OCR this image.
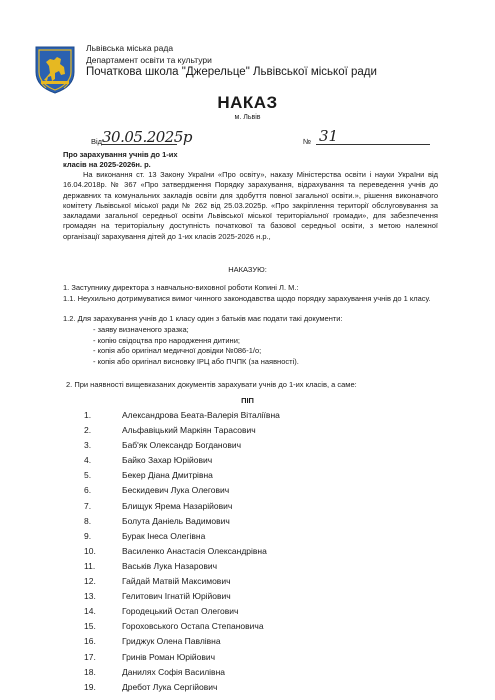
Львівська міська рада
Департамент освіти та культури
Початкова школа "Джерельце" Львівської міської ради
НАКАЗ
м. Львів
Від 30.05.2025р	№ 31
Про зарахування учнів до 1-их
класів на 2025-2026н. р.
На виконання ст. 13 Закону України «Про освіту», наказу Міністерства освіти і науки України від 16.04.2018р. № 367 «Про затвердження Порядку зарахування, відрахування та переведення учнів до державних та комунальних закладів освіти для здобуття повної загальної освіти.», рішення виконавчого комітету Львівської міської ради № 262 від 25.03.2025р. «Про закріплення території обслуговування за закладами загальної середньої освіти Львівської міської територіальної громади», для забезпечення громадян на територіальну доступність початкової та базової середньої освіти, з метою належної організації зарахування дітей до 1-их класів 2025-2026 н.р.,
НАКАЗУЮ:
1. Заступнику директора з навчально-виховної роботи Копині Л. М.:
1.1. Неухильно дотримуватися вимог чинного законодавства щодо порядку зарахування учнів до 1 класу.
1.2. Для зарахування учнів до 1 класу один з батьків має подати такі документи:
- заяву визначеного зразка;
- копію свідоцтва про народження дитини;
- копія або оригінал медичної довідки №086-1/о;
- копія або оригінал висновку ІРЦ або ПЧПК (за наявності).
2. При наявності вищевказаних документів зарахувати учнів до 1-их класів, а саме:
ПІП
1.	Александрова Беата-Валерія Віталіївна
2.	Альфавіцький Маркіян Тарасович
3.	Баб'як Олександр Богданович
4.	Байко Захар Юрійович
5.	Бекер Діана Дмитрівна
6.	Бескидевич Лука Олегович
7.	Блищук Ярема Назарійович
8.	Болута Даніель Вадимович
9.	Бурак Інеса Олегівна
10.	Василенко Анастасія Олександрівна
11.	Васьків Лука Назарович
12.	Гайдай Матвій Максимович
13.	Гелитович Ігнатій Юрійович
14.	Городецький Остап Олегович
15.	Гороховського Остапа Степановича
16.	Гриджук Олена Павлівна
17.	Гринів Роман Юрійович
18.	Данилях Софія Василівна
19.	Дребот Лука Сергійович
